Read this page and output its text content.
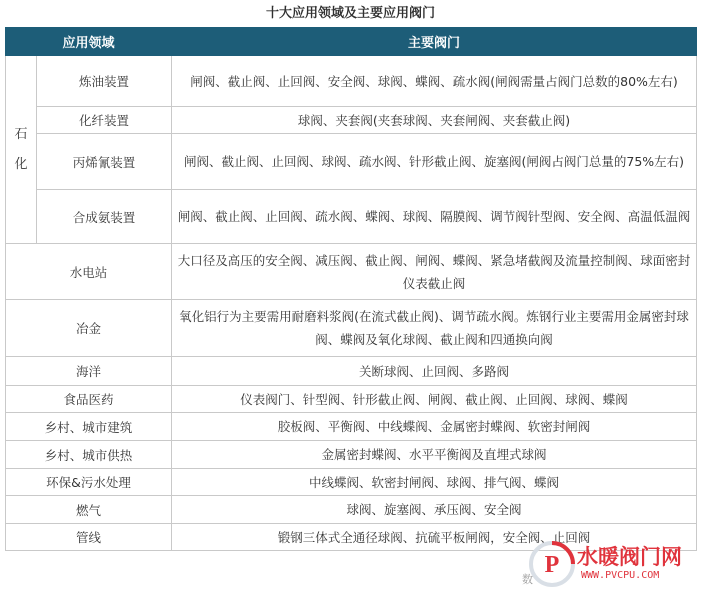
十大应用领域及主要应用阀门
应用领域		主要阀门
石
化	炼油装置	闸阀、截止阀、止回阀、安全阀、球阀、蝶阀、疏水阀(闸阀需量占阀门总数的80%左右)
	化纤装置	球阀、夹套阀(夹套球阀、夹套闸阀、夹套截止阀)
	丙烯氰装置	闸阀、截止阀、止回阀、球阀、疏水阀、针形截止阀、旋塞阀(闸阀占阀门总量的75%左右)
	合成氨装置	闸阀、截止阀、止回阀、疏水阀、蝶阀、球阀、隔膜阀、调节阀针型阀、安全阀、高温低温阀
水电站		大口径及高压的安全阀、减压阀、截止阀、闸阀、蝶阀、紧急堵截阀及流量控制阀、球面密封仪表截止阀
冶金		氧化铝行为主要需用耐磨料浆阀(在流式截止阀)、调节疏水阀。炼钢行业主要需用金属密封球阀、蝶阀及氧化球阀、截止阀和四通换向阀
海洋		关断球阀、止回阀、多路阀
食品医药		仪表阀门、针型阀、针形截止阀、闸阀、截止阀、止回阀、球阀、蝶阀
乡村、城市建筑		胶板阀、平衡阀、中线蝶阀、金属密封蝶阀、软密封闸阀
乡村、城市供热		金属密封蝶阀、水平平衡阀及直埋式球阀
环保&污水处理		中线蝶阀、软密封闸阀、球阀、排气阀、蝶阀
燃气		球阀、旋塞阀、承压阀、安全阀
管线		锻钢三体式全通径球阀、抗硫平板闸阀，安全阀、止回阀
数
P 水暖阀门网
WWW.PVCPU.COM
